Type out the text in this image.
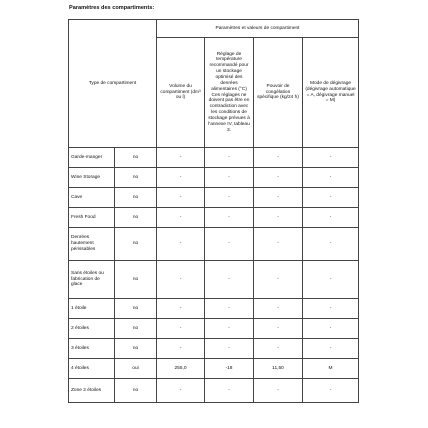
Paramètres des compartiments:
Type de compartiment		Paramètres et valeurs de compartiment			
		Volume du compartiment (dm³ ou l)	Réglage de température recommandé pour un stockage optimisé des denrées alimentaires (°C) Ces réglages ne doivent pas être en contradiction avec les conditions de stockage prévues à l'annexe IV, tableau 3.	Pouvoir de congélation spécifique (kg/24 h)	Mode de dégivrage (dégivrage automatique = A, dégivrage manuel = M)
Garde-manger	no	-	-	-	-
Wine Storage	no	-	-	-	-
Cave	no	-	-	-	-
Fresh Food	no	-	-	-	-
Denrées hautement périssables	no	-	-	-	-
Sans étoiles ou fabrication de glace	no	-	-	-	-
1 étoile	no	-	-	-	-
2 étoiles	no	-	-	-	-
3 étoiles	no	-	-	-	-
4 étoiles	oui	255,0	-18	11,50	M
Zone 2 étoiles	no	-	-	-	-
